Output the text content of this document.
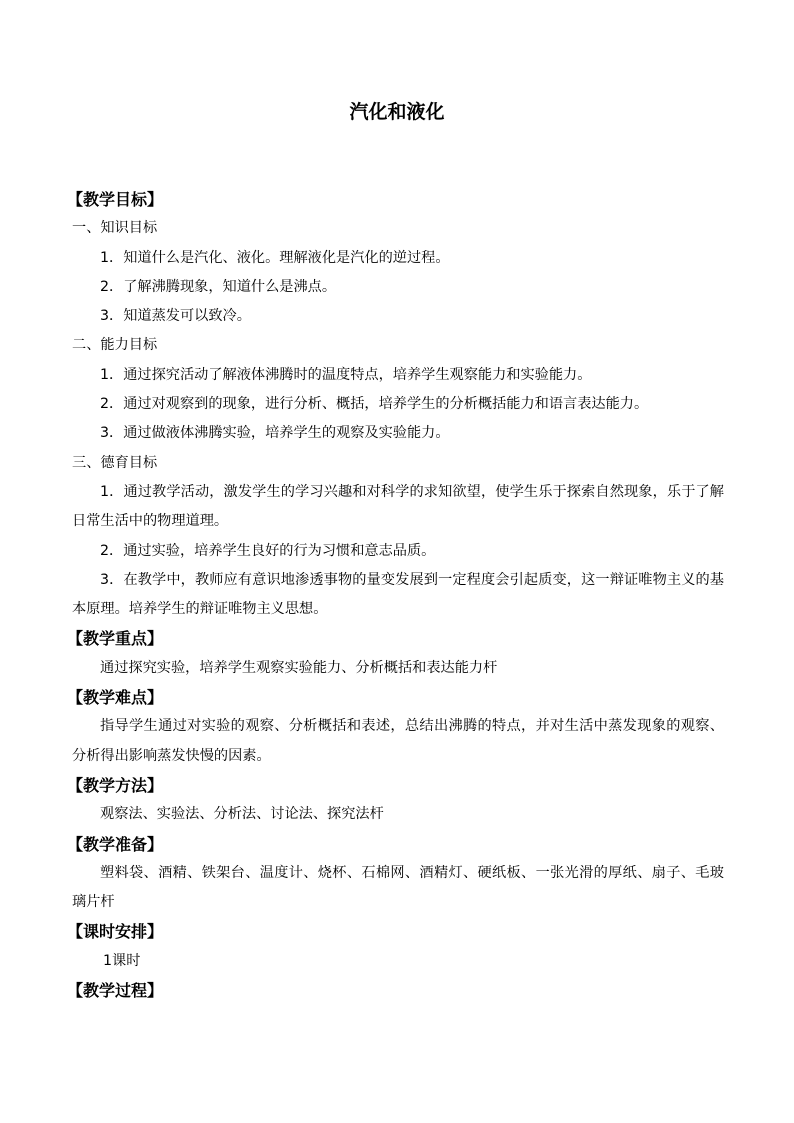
汽化和液化
【教学目标】
一、知识目标
1．知道什么是汽化、液化。理解液化是汽化的逆过程。
2．了解沸腾现象，知道什么是沸点。
3．知道蒸发可以致冷。
二、能力目标
1．通过探究活动了解液体沸腾时的温度特点，培养学生观察能力和实验能力。
2．通过对观察到的现象，进行分析、概括，培养学生的分析概括能力和语言表达能力。
3．通过做液体沸腾实验，培养学生的观察及实验能力。
三、德育目标
1．通过教学活动，激发学生的学习兴趣和对科学的求知欲望，使学生乐于探索自然现象，乐于了解日常生活中的物理道理。
2．通过实验，培养学生良好的行为习惯和意志品质。
3．在教学中，教师应有意识地渗透事物的量变发展到一定程度会引起质变，这一辩证唯物主义的基本原理。培养学生的辩证唯物主义思想。
【教学重点】
通过探究实验，培养学生观察实验能力、分析概括和表达能力杆
【教学难点】
指导学生通过对实验的观察、分析概括和表述，总结出沸腾的特点，并对生活中蒸发现象的观察、分析得出影响蒸发快慢的因素。
【教学方法】
观察法、实验法、分析法、讨论法、探究法杆
【教学准备】
塑料袋、酒精、铁架台、温度计、烧杯、石棉网、酒精灯、硬纸板、一张光滑的厚纸、扇子、毛玻璃片杆
【课时安排】
1课时
【教学过程】
